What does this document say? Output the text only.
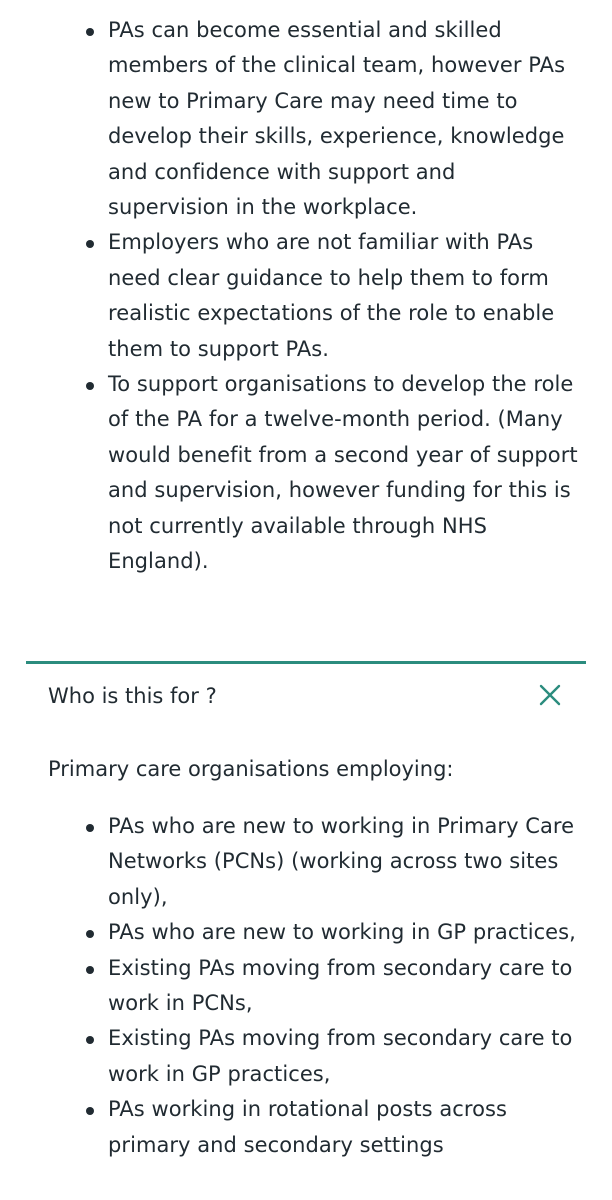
PAs can become essential and skilled members of the clinical team, however PAs new to Primary Care may need time to develop their skills, experience, knowledge and confidence with support and supervision in the workplace.
Employers who are not familiar with PAs need clear guidance to help them to form realistic expectations of the role to enable them to support PAs.
To support organisations to develop the role of the PA for a twelve-month period. (Many would benefit from a second year of support and supervision, however funding for this is not currently available through NHS England).
Who is this for ?

Primary care organisations employing:

PAs who are new to working in Primary Care Networks (PCNs) (working across two sites only),
PAs who are new to working in GP practices,
Existing PAs moving from secondary care to work in PCNs,
Existing PAs moving from secondary care to work in GP practices,
PAs working in rotational posts across primary and secondary settings
